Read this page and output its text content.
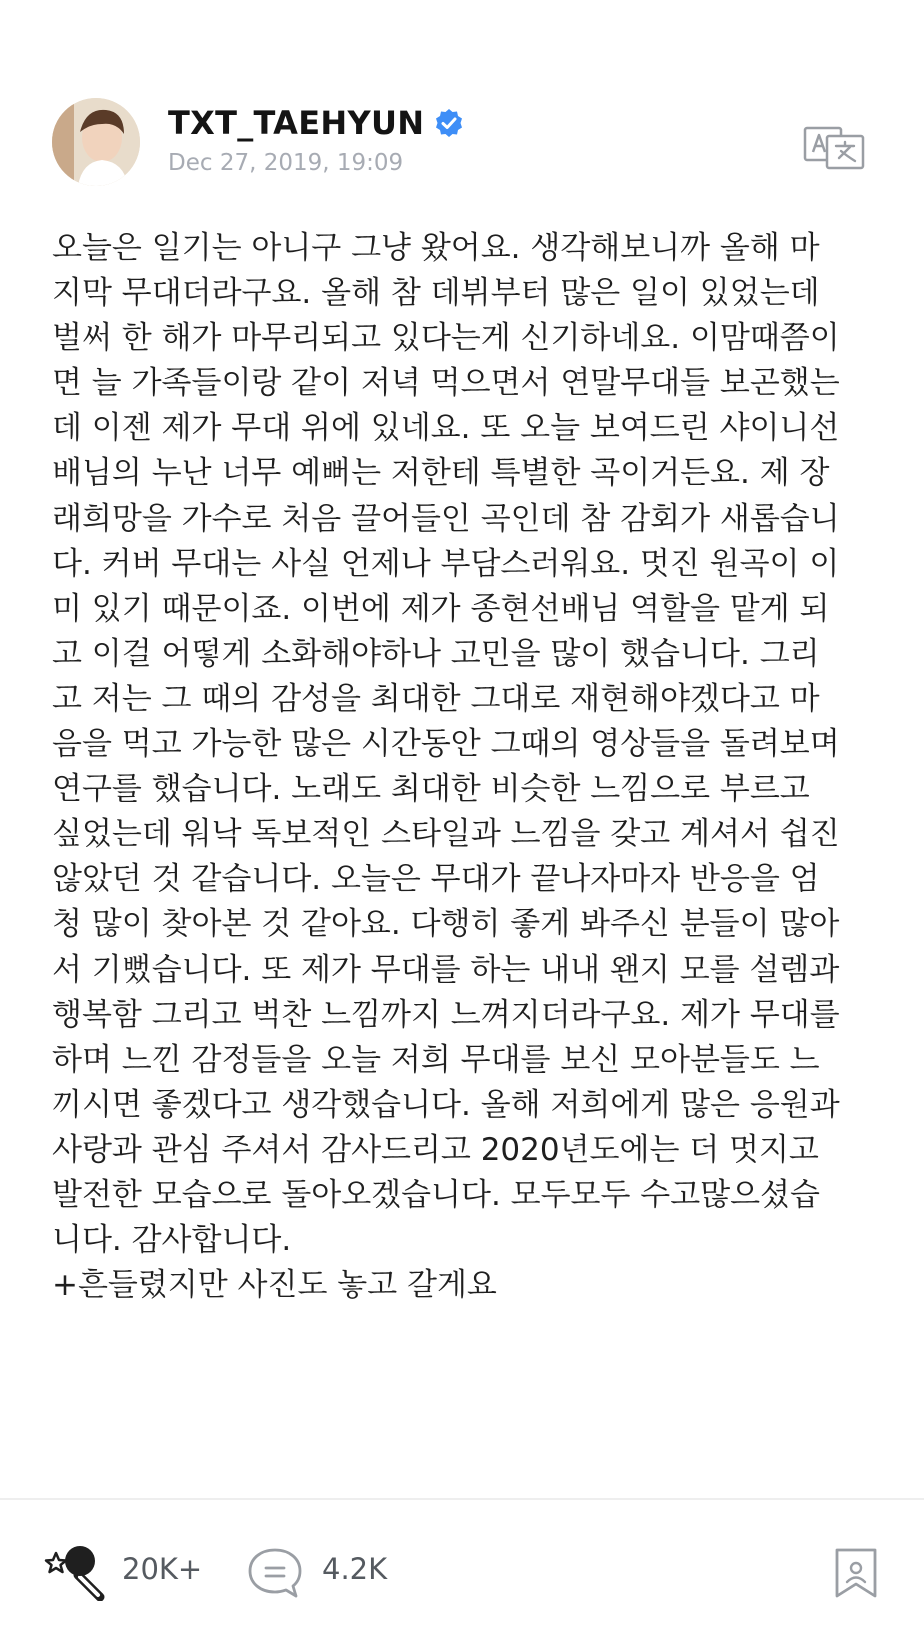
TXT_TAEHYUN
Dec 27, 2019, 19:09
오늘은 일기는 아니구 그냥 왔어요. 생각해보니까 올해 마
지막 무대더라구요. 올해 참 데뷔부터 많은 일이 있었는데
벌써 한 해가 마무리되고 있다는게 신기하네요. 이맘때쯤이
면 늘 가족들이랑 같이 저녁 먹으면서 연말무대들 보곤했는
데 이젠 제가 무대 위에 있네요. 또 오늘 보여드린 샤이니선
배님의 누난 너무 예뻐는 저한테 특별한 곡이거든요. 제 장
래희망을 가수로 처음 끌어들인 곡인데 참 감회가 새롭습니
다. 커버 무대는 사실 언제나 부담스러워요. 멋진 원곡이 이
미 있기 때문이죠. 이번에 제가 종현선배님 역할을 맡게 되
고 이걸 어떻게 소화해야하나 고민을 많이 했습니다. 그리
고 저는 그 때의 감성을 최대한 그대로 재현해야겠다고 마
음을 먹고 가능한 많은 시간동안 그때의 영상들을 돌려보며
연구를 했습니다. 노래도 최대한 비슷한 느낌으로 부르고
싶었는데 워낙 독보적인 스타일과 느낌을 갖고 계셔서 쉽진
않았던 것 같습니다. 오늘은 무대가 끝나자마자 반응을 엄
청 많이 찾아본 것 같아요. 다행히 좋게 봐주신 분들이 많아
서 기뻤습니다. 또 제가 무대를 하는 내내 왠지 모를 설렘과
행복함 그리고 벅찬 느낌까지 느껴지더라구요. 제가 무대를
하며 느낀 감정들을 오늘 저희 무대를 보신 모아분들도 느
끼시면 좋겠다고 생각했습니다. 올해 저희에게 많은 응원과
사랑과 관심 주셔서 감사드리고 2020년도에는 더 멋지고
발전한 모습으로 돌아오겠습니다. 모두모두 수고많으셨습
니다. 감사합니다.
+흔들렸지만 사진도 놓고 갈게요
20K+	4.2K
